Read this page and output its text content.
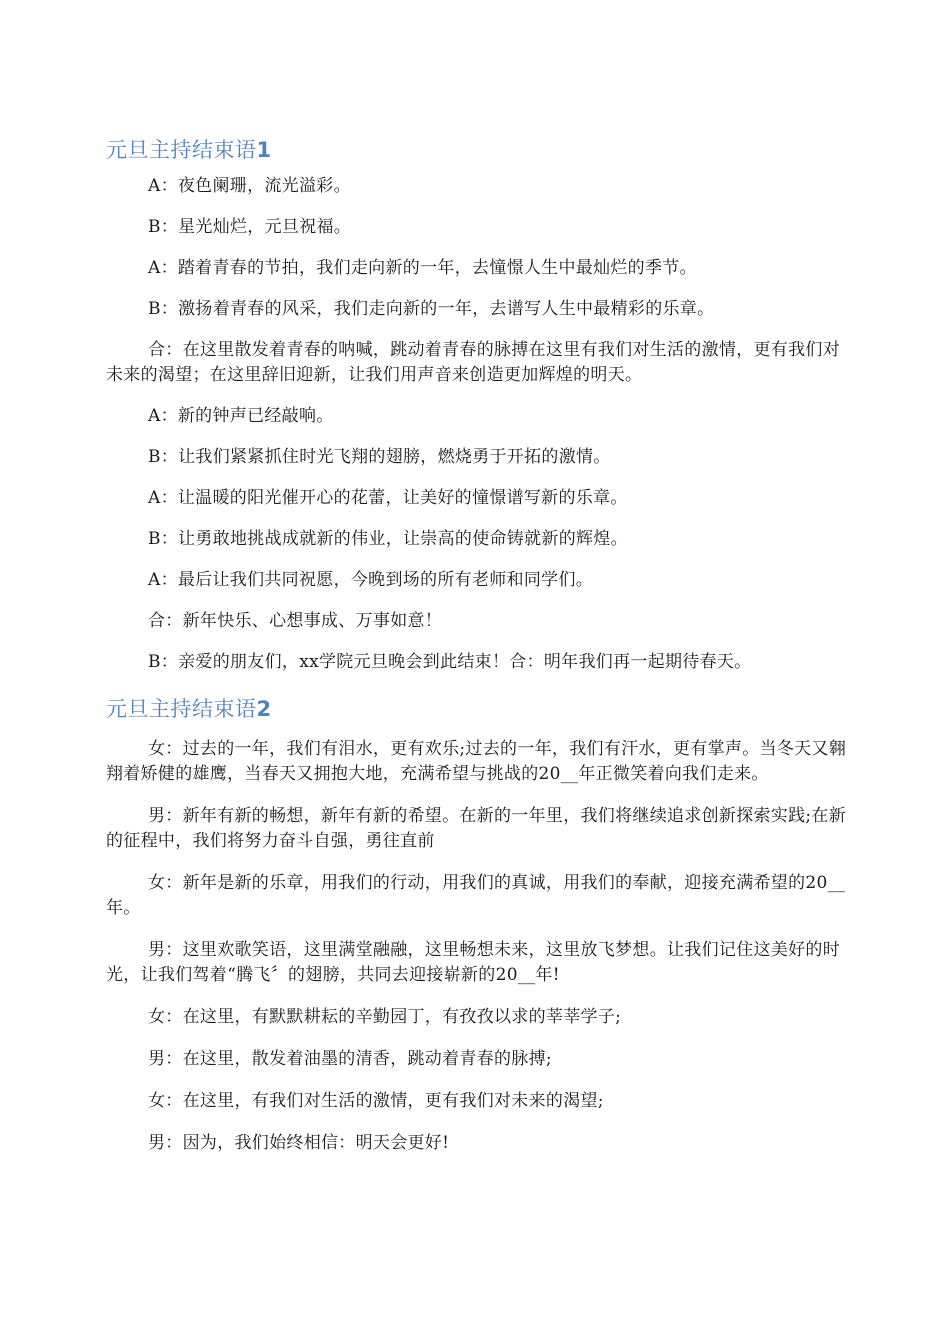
元旦主持结束语1

A：夜色阑珊，流光溢彩。

B：星光灿烂，元旦祝福。

A：踏着青春的节拍，我们走向新的一年，去憧憬人生中最灿烂的季节。

B：激扬着青春的风采，我们走向新的一年，去谱写人生中最精彩的乐章。

合：在这里散发着青春的呐喊，跳动着青春的脉搏在这里有我们对生活的激情，更有我们对未来的渴望；在这里辞旧迎新，让我们用声音来创造更加辉煌的明天。

A：新的钟声已经敲响。

B：让我们紧紧抓住时光飞翔的翅膀，燃烧勇于开拓的激情。

A：让温暖的阳光催开心的花蕾，让美好的憧憬谱写新的乐章。

B：让勇敢地挑战成就新的伟业，让崇高的使命铸就新的辉煌。

A：最后让我们共同祝愿，今晚到场的所有老师和同学们。

合：新年快乐、心想事成、万事如意！

B：亲爱的朋友们，xx学院元旦晚会到此结束！合：明年我们再一起期待春天。

元旦主持结束语2

女：过去的一年，我们有泪水，更有欢乐;过去的一年，我们有汗水，更有掌声。当冬天又翱翔着矫健的雄鹰，当春天又拥抱大地，充满希望与挑战的20__年正微笑着向我们走来。

男：新年有新的畅想，新年有新的希望。在新的一年里，我们将继续追求创新探索实践;在新的征程中，我们将努力奋斗自强，勇往直前

女：新年是新的乐章，用我们的行动，用我们的真诚，用我们的奉献，迎接充满希望的20__年。

男：这里欢歌笑语，这里满堂融融，这里畅想未来，这里放飞梦想。让我们记住这美好的时光，让我们驾着“腾飞〞的翅膀，共同去迎接崭新的20__年!

女：在这里，有默默耕耘的辛勤园丁，有孜孜以求的莘莘学子;

男：在这里，散发着油墨的清香，跳动着青春的脉搏;

女：在这里，有我们对生活的激情，更有我们对未来的渴望;

男：因为，我们始终相信：明天会更好!
